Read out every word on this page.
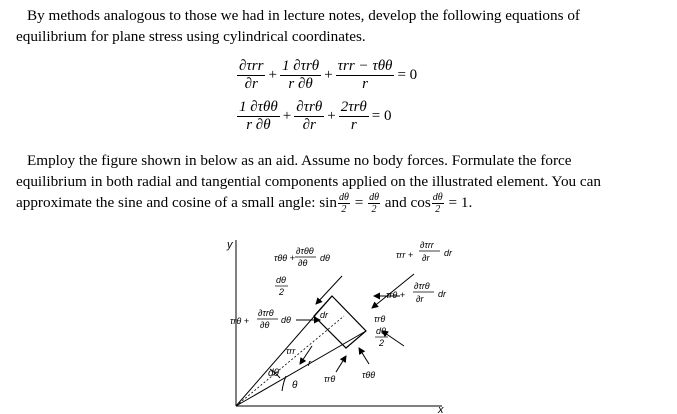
By methods analogous to those we had in lecture notes, develop the following equations of
equilibrium for plane stress using cylindrical coordinates.

$\frac{\text{∂τrr}}{\partial r} + \frac{\text{1 ∂τrθ}}{r \partial\theta} + \frac{\text{τrr − τθθ}}{r} = 0$
$\frac{\text{1 ∂τθθ}}{r \partial\theta} + \frac{\text{∂τrθ}}{\partial r} + \frac{\text{2τrθ}}{r} = 0$
Employ the figure shown in below as an aid. Assume no body forces. Formulate the force
equilibrium in both radial and tangential components applied on the illustrated element. You can
approximate the sine and cosine of a small angle: $\sin \frac{d\theta}{2} = \frac{d\theta}{2}$ and $\cos \frac{d\theta}{2} = 1$.
y
x
dθ
θ
r
dr
τrr
τrθ	τθθ
τθθ +
∂τθθ
∂θ dθ
dθ
2
τrθ +
∂τrθ
∂θ dθ
τrr +
∂τrr
∂r dr
τrθ +
∂τrθ
∂r dr
τrθ
dθ
2
